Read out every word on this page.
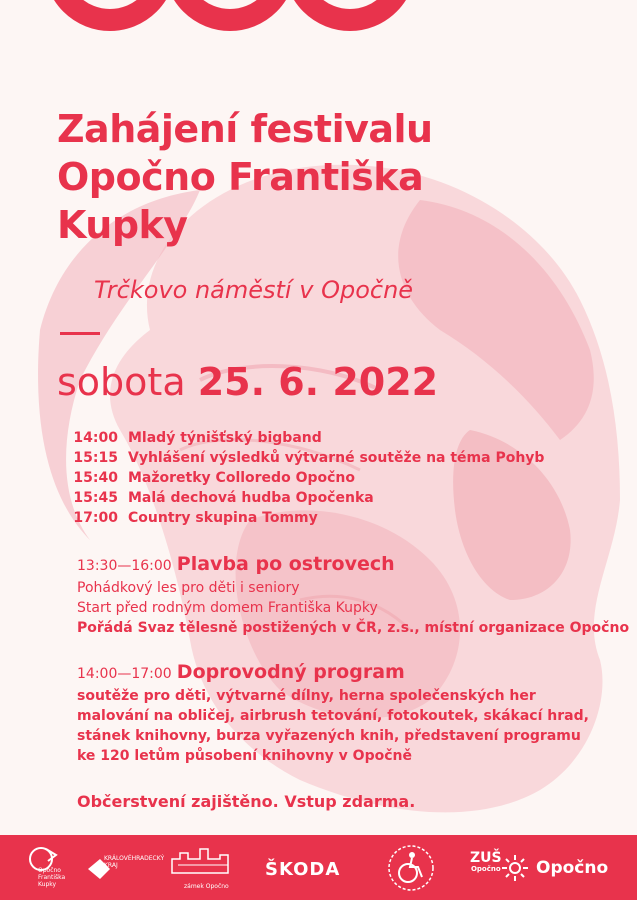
Zahájení festivalu
Opočno Františka
Kupky
Trčkovo náměstí v Opočně
sobota 25. 6. 2022
14:00 Mladý týnišťský bigband
15:15 Vyhlášení výsledků výtvarné soutěže na téma Pohyb
15:40 Mažoretky Colloredo Opočno
15:45 Malá dechová hudba Opočenka
17:00 Country skupina Tommy
13:30—16:00 Plavba po ostrovech
Pohádkový les pro děti i seniory
Start před rodným domem Františka Kupky
Pořádá Svaz tělesně postižených v ČR, z.s., místní organizace Opočno
14:00—17:00 Doprovodný program
soutěže pro děti, výtvarné dílny, herna společenských her
malování na obličej, airbrush tetování, fotokoutek, skákací hrad,
stánek knihovny, burza vyřazených knih, představení programu
ke 120 letům působení knihovny v Opočně
Občerstvení zajištěno. Vstup zdarma.
Opočno
Františka
Kupky
KRÁLOVÉHRADECKÝ
KRAJ
zámek Opočno
ŠKODA
ZUŠ
Opočno Opočno
